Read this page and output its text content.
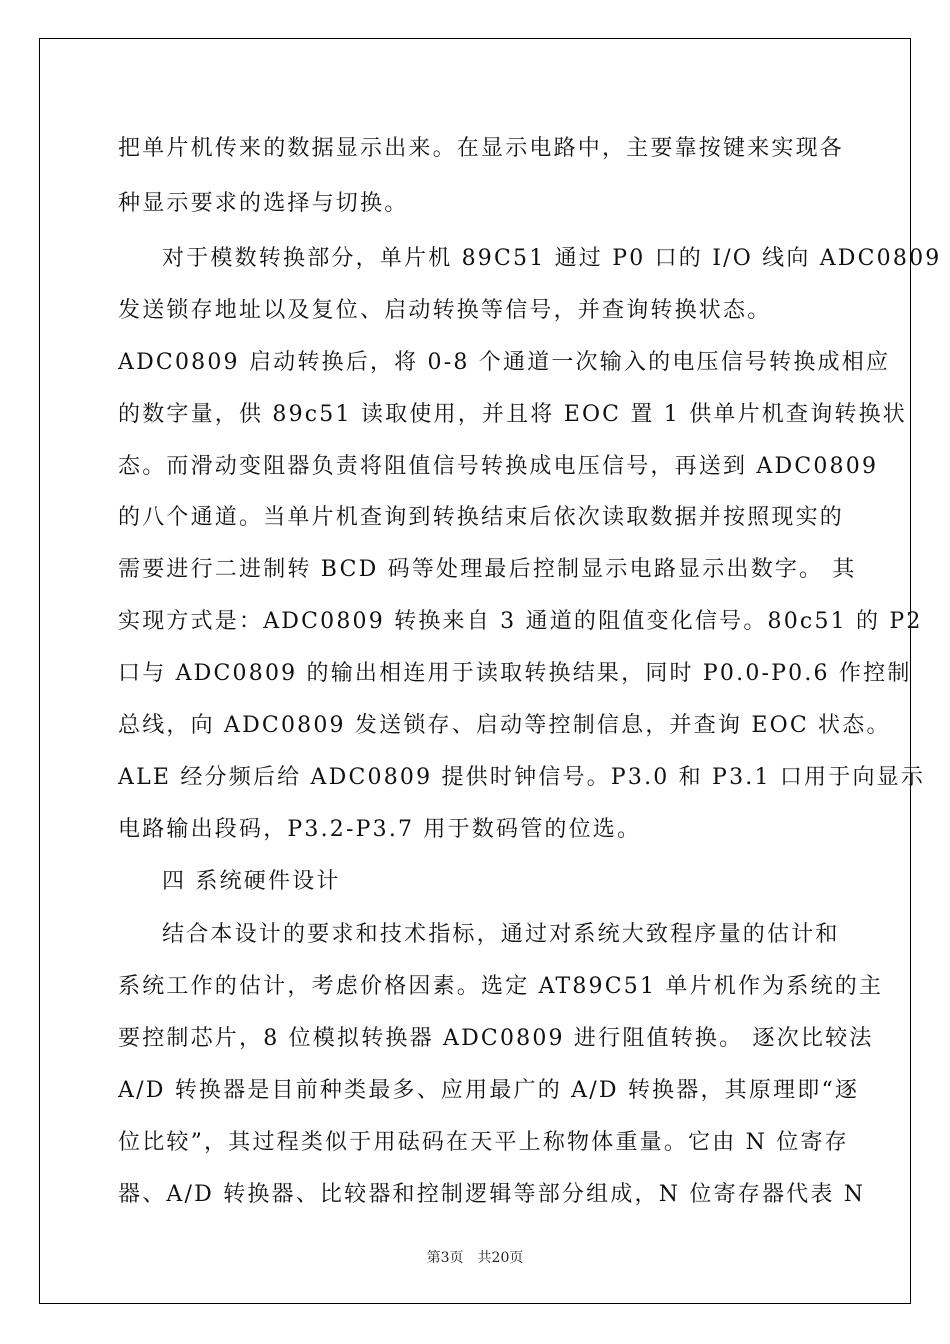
把单片机传来的数据显示出来。在显示电路中，主要靠按键来实现各
种显示要求的选择与切换。
对于模数转换部分，单片机 89C51 通过 P0 口的 I/O 线向 ADC0809
发送锁存地址以及复位、启动转换等信号，并查询转换状态。
ADC0809 启动转换后，将 0-8 个通道一次输入的电压信号转换成相应
的数字量，供 89c51 读取使用，并且将 EOC 置 1 供单片机查询转换状
态。而滑动变阻器负责将阻值信号转换成电压信号，再送到 ADC0809
的八个通道。当单片机查询到转换结束后依次读取数据并按照现实的
需要进行二进制转 BCD 码等处理最后控制显示电路显示出数字。 其
实现方式是：ADC0809 转换来自 3 通道的阻值变化信号。80c51 的 P2
口与 ADC0809 的输出相连用于读取转换结果，同时 P0.0-P0.6 作控制
总线，向 ADC0809 发送锁存、启动等控制信息，并查询 EOC 状态。
ALE 经分频后给 ADC0809 提供时钟信号。P3.0 和 P3.1 口用于向显示
电路输出段码，P3.2-P3.7 用于数码管的位选。
四 系统硬件设计
结合本设计的要求和技术指标，通过对系统大致程序量的估计和
系统工作的估计，考虑价格因素。选定 AT89C51 单片机作为系统的主
要控制芯片，8 位模拟转换器 ADC0809 进行阻值转换。 逐次比较法
A/D 转换器是目前种类最多、应用最广的 A/D 转换器，其原理即“逐
位比较”，其过程类似于用砝码在天平上称物体重量。它由 N 位寄存
器、A/D 转换器、比较器和控制逻辑等部分组成，N 位寄存器代表 N
第3页　共20页
